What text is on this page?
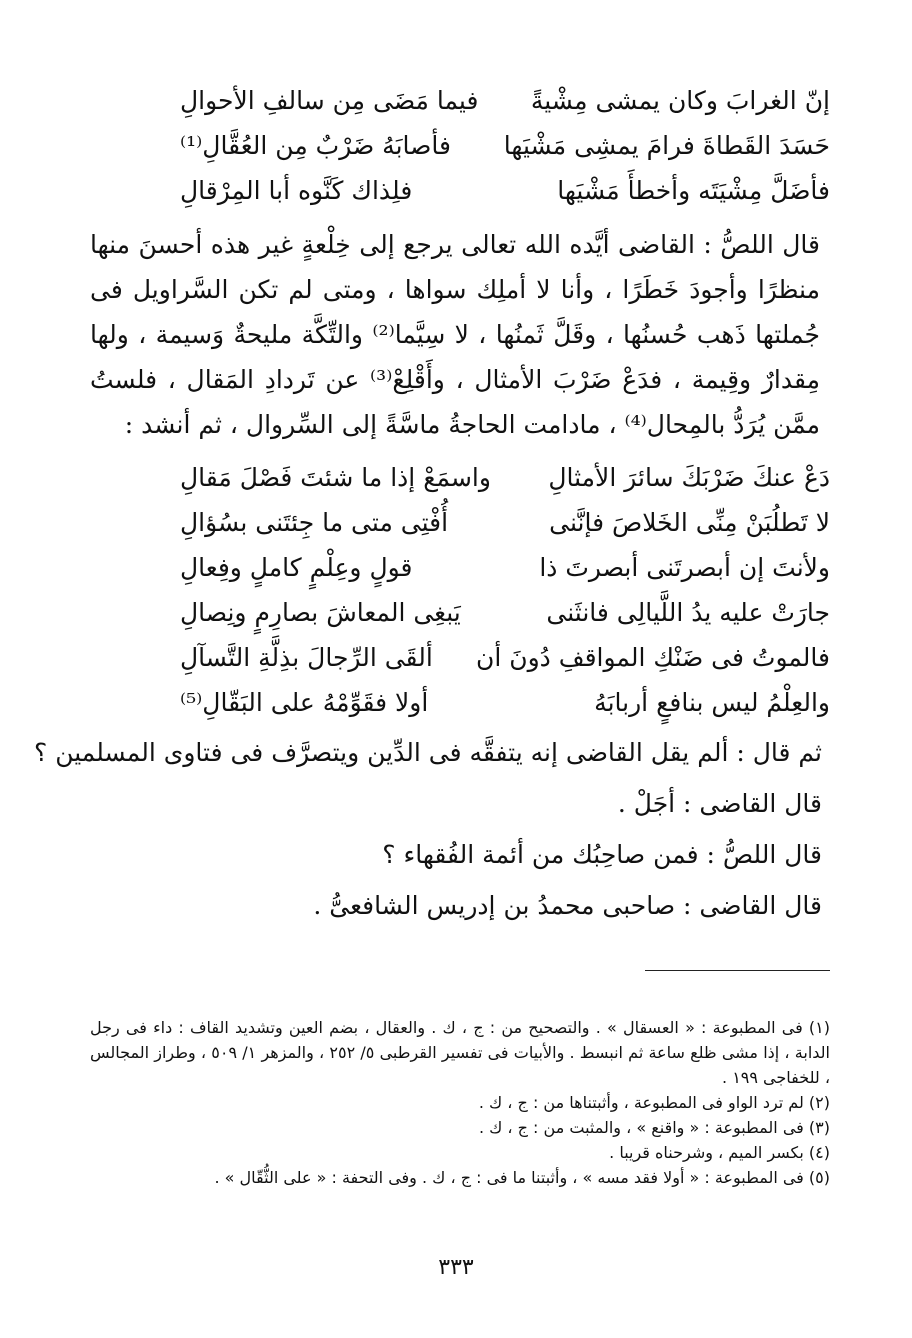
إنّ الغرابَ وكان يمشى مِشْيةً
فيما مَضَى مِن سالفِ الأحوالِ
حَسَدَ القَطاةَ فرامَ يمشِى مَشْيَها
فأصابَهُ ضَرْبٌ مِن العُقَّالِ⁽¹⁾
فأضَلَّ مِشْيَتَه وأخطأَ مَشْيَها
فلِذاك كَنَّوه أبا المِرْقالِ
قال اللصُّ : القاضى أيَّده الله تعالى يرجع إلى خِلْعةٍ غير هذه أحسنَ منها منظرًا وأجودَ خَطَرًا ، وأنا لا أملِك سواها ، ومتى لم تكن السَّراويل فى جُملتها ذَهب حُسنُها ، وقَلَّ ثَمنُها ، لا سِيَّما⁽²⁾ والتِّكَّة مليحةٌ وَسيمة ، ولها مِقدارٌ وقِيمة ، فدَعْ ضَرْبَ الأمثال ، وأَقْلِعْ⁽³⁾ عن تَردادِ المَقال ، فلستُ ممَّن يُرَدُّ بالمِحال⁽⁴⁾ ، مادامت الحاجةُ ماسَّةً إلى السِّروال ، ثم أنشد :
دَعْ عنكَ ضَرْبَكَ سائرَ الأمثالِ
واسمَعْ إذا ما شئتَ فَصْلَ مَقالِ
لا تَطلُبَنْ مِنِّى الخَلاصَ فإنَّنى
أُفْتِى متى ما جِئتَنى بسُؤالِ
ولأنتَ إن أبصرتَنى أبصرتَ ذا
قولٍ وعِلْمٍ كاملٍ وفِعالِ
جارَتْ عليه يدُ اللَّيالِى فانثَنى
يَبغِى المعاشَ بصارِمٍ ونِصالِ
فالموتُ فى ضَنْكِ المواقفِ دُونَ أن
ألقَى الرِّجالَ بذِلَّةِ التَّسآلِ
والعِلْمُ ليس بنافعٍ أربابَهُ
أولا فقَوِّمْهُ على البَقّالِ⁽⁵⁾
ثم قال : ألم يقل القاضى إنه يتفقَّه فى الدِّين ويتصرَّف فى فتاوى المسلمين ؟
قال القاضى : أجَلْ .
قال اللصُّ : فمن صاحِبُك من أئمة الفُقهاء ؟
قال القاضى : صاحبى محمدُ بن إدريس الشافعىُّ .
(١) فى المطبوعة : « العسقال » . والتصحيح من : ج ، ك . والعقال ، بضم العين وتشديد القاف : داء فى رجل الدابة ، إذا مشى ظلع ساعة ثم انبسط . والأبيات فى تفسير القرطبى ٥/ ٢٥٢ ، والمزهر ١/ ٥٠٩ ، وطراز المجالس ، للخفاجى ١٩٩ .
(٢) لم ترد الواو فى المطبوعة ، وأثبتناها من : ج ، ك .
(٣) فى المطبوعة : « واقنع » ، والمثبت من : ج ، ك .
(٤) بكسر الميم ، وشرحناه قريبا .
(٥) فى المطبوعة : « أولا فقد مسه » ، وأثبتنا ما فى : ج ، ك . وفى التحفة : « على الثُّقّال » .
٣٣٣
